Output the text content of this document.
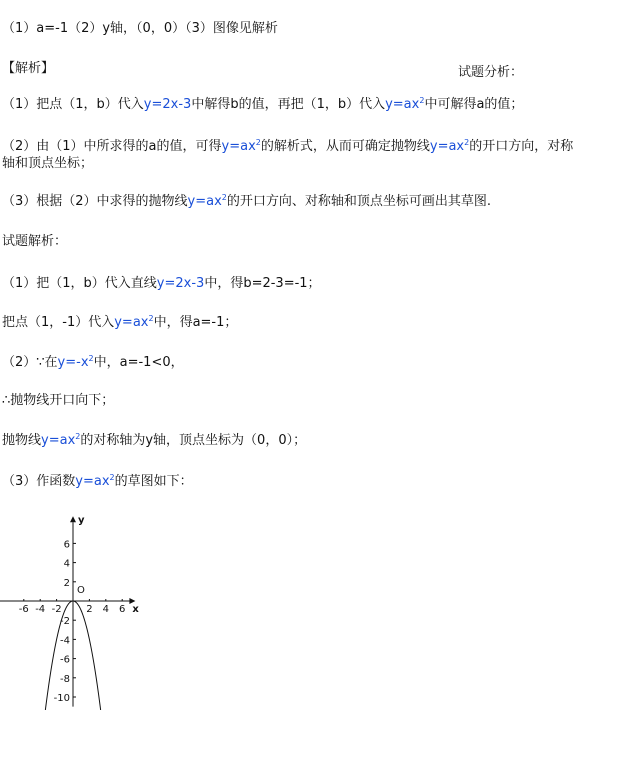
（1）a=-1（2）y轴，（0，0）（3）图像见解析
【解析】	试题分析：
（1）把点（1，b）代入y=2x-3中解得b的值，再把（1，b）代入$y=ax^2$中可解得a的值；
（2）由（1）中所求得的a的值，可得$y=ax^2$的解析式，从而可确定抛物线$y=ax^2$的开口方向，对称
轴和顶点坐标；
（3）根据（2）中求得的抛物线$y=ax^2$的开口方向、对称轴和顶点坐标可画出其草图.
试题解析：
（1）把（1，b）代入直线y=2x-3中，得b=2-3=-1；
把点（1，-1）代入$y=ax^2$中，得a=-1；
（2）∵在$y=-x^2$中，a=-1<0，
∴抛物线开口向下；
抛物线$y=ax^2$的对称轴为y轴，顶点坐标为（0，0）；
（3）作函数$y=ax^2$的草图如下：
-6 -4 -2 2 4 6
6
4
2
-2
-4
-6
-8
-10
x
y
O
